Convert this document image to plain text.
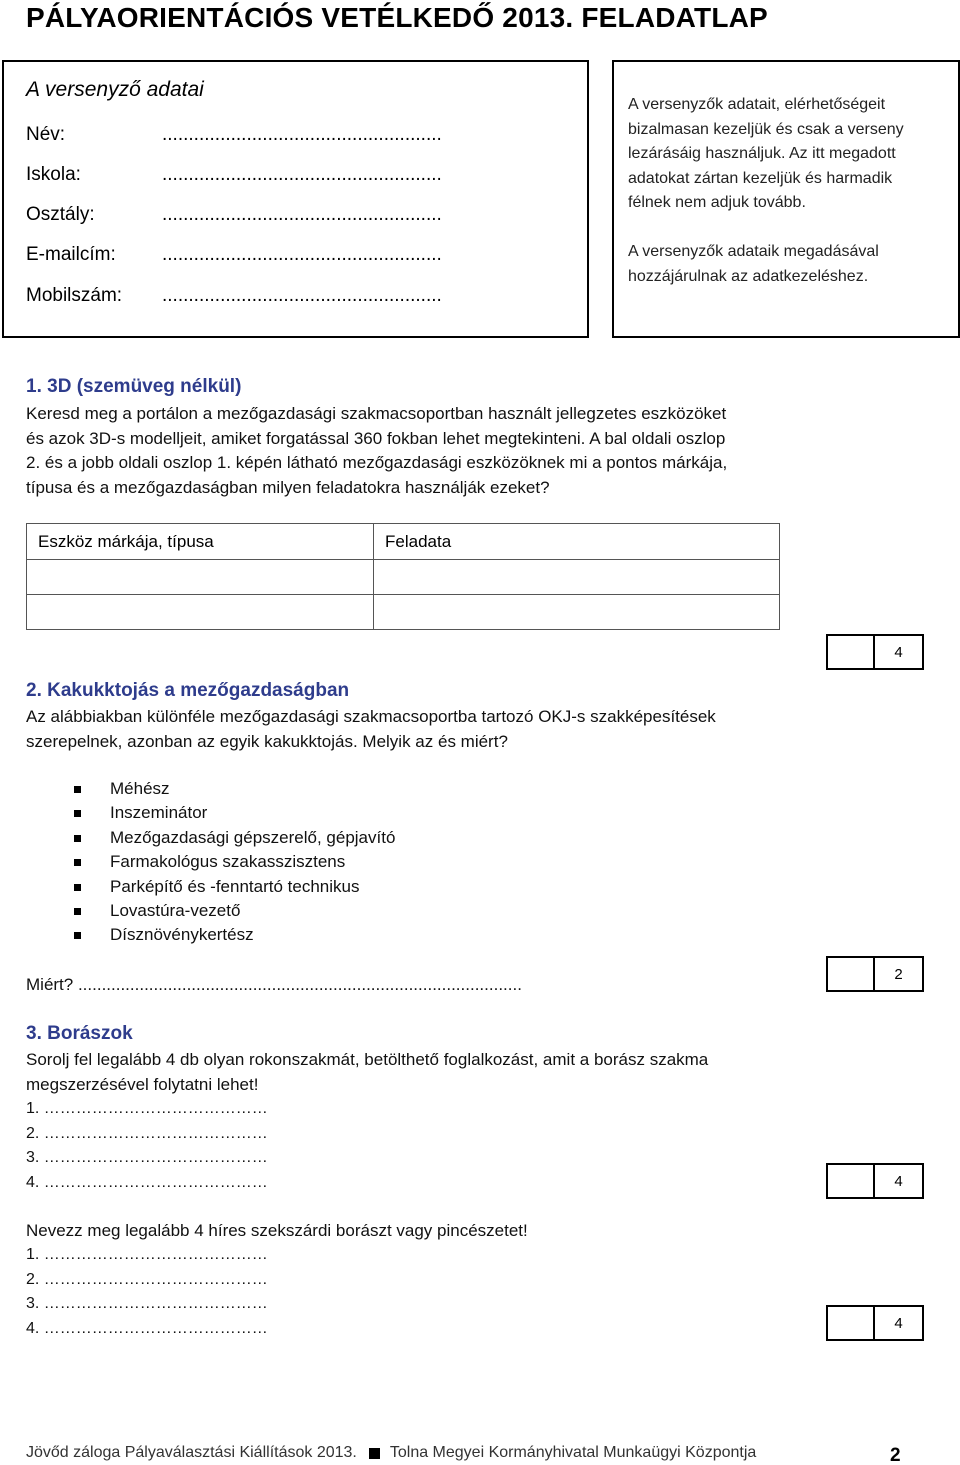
PÁLYAORIENTÁCIÓS VETÉLKEDŐ 2013. FELADATLAP
A versenyző adatai
Név:	.....................................................
Iskola:	.....................................................
Osztály:	.....................................................
E-mailcím: .....................................................
Mobilszám: .....................................................
A versenyzők adatait, elérhetőségeit
bizalmasan kezeljük és csak a verseny
lezárásáig használjuk. Az itt megadott
adatokat zártan kezeljük és harmadik
félnek nem adjuk tovább.
A versenyzők adataik megadásával
hozzájárulnak az adatkezeléshez.
1. 3D (szemüveg nélkül)
Keresd meg a portálon a mezőgazdasági szakmacsoportban használt jellegzetes eszközöket
és azok 3D-s modelljeit, amiket forgatással 360 fokban lehet megtekinteni. A bal oldali oszlop
2. és a jobb oldali oszlop 1. képén látható mezőgazdasági eszközöknek mi a pontos márkája,
típusa és a mezőgazdaságban milyen feladatokra használják ezeket?
Eszköz márkája, típusa	Feladata

4
2. Kakukktojás a mezőgazdaságban
Az alábbiakban különféle mezőgazdasági szakmacsoportba tartozó OKJ-s szakképesítések
szerepelnek, azonban az egyik kakukktojás. Melyik az és miért?
Méhész
Inszeminátor
Mezőgazdasági gépszerelő, gépjavító
Farmakológus szakasszisztens
Parképítő és -fenntartó technikus
Lovastúra-vezető
Dísznövénykertész
Miért? ..............................................................................................
2
3. Borászok
Sorolj fel legalább 4 db olyan rokonszakmát, betölthető foglalkozást, amit a borász szakma
megszerzésével folytatni lehet!
1. ……………………………………
2. ……………………………………
3. ……………………………………
4. ……………………………………	4
Nevezz meg legalább 4 híres szekszárdi borászt vagy pincészetet!
1. ……………………………………
2. ……………………………………
3. ……………………………………
4. ……………………………………	4
Jövőd záloga Pályaválasztási Kiállítások 2013. Tolna Megyei Kormányhivatal Munkaügyi Központja	2
